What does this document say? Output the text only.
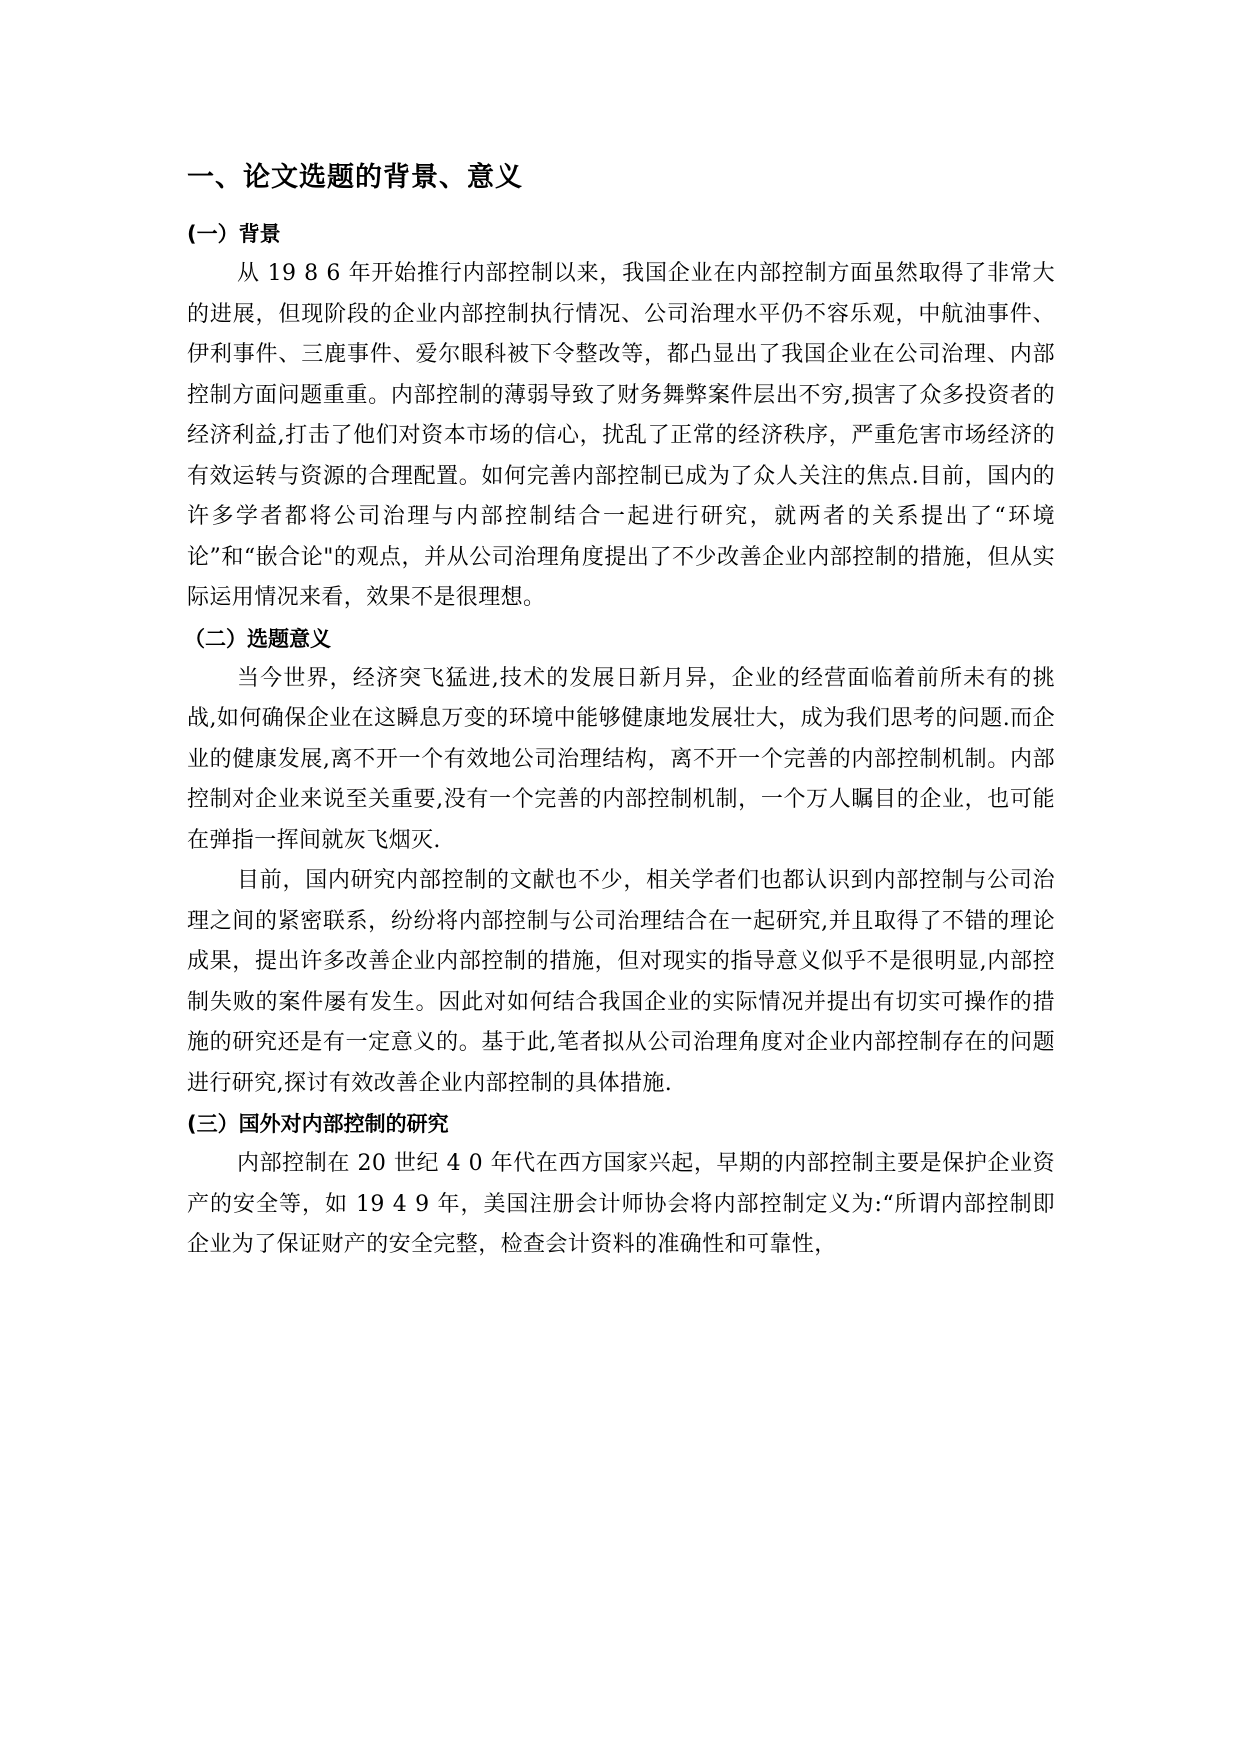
一、论文选题的背景、意义
(一）背景

从 19 8 6 年开始推行内部控制以来，我国企业在内部控制方面虽然取得了非常大的进展，但现阶段的企业内部控制执行情况、公司治理水平仍不容乐观，中航油事件、伊利事件、三鹿事件、爱尔眼科被下令整改等，都凸显出了我国企业在公司治理、内部控制方面问题重重。内部控制的薄弱导致了财务舞弊案件层出不穷,损害了众多投资者的经济利益,打击了他们对资本市场的信心，扰乱了正常的经济秩序，严重危害市场经济的有效运转与资源的合理配置。如何完善内部控制已成为了众人关注的焦点.目前，国内的许多学者都将公司治理与内部控制结合一起进行研究，就两者的关系提出了“环境论”和“嵌合论"的观点，并从公司治理角度提出了不少改善企业内部控制的措施，但从实际运用情况来看，效果不是很理想。

（二）选题意义

当今世界，经济突飞猛进,技术的发展日新月异，企业的经营面临着前所未有的挑战,如何确保企业在这瞬息万变的环境中能够健康地发展壮大，成为我们思考的问题.而企业的健康发展,离不开一个有效地公司治理结构，离不开一个完善的内部控制机制。内部控制对企业来说至关重要,没有一个完善的内部控制机制，一个万人瞩目的企业，也可能在弹指一挥间就灰飞烟灭.

目前，国内研究内部控制的文献也不少，相关学者们也都认识到内部控制与公司治理之间的紧密联系，纷纷将内部控制与公司治理结合在一起研究,并且取得了不错的理论成果，提出许多改善企业内部控制的措施，但对现实的指导意义似乎不是很明显,内部控制失败的案件屡有发生。因此对如何结合我国企业的实际情况并提出有切实可操作的措施的研究还是有一定意义的。基于此,笔者拟从公司治理角度对企业内部控制存在的问题进行研究,探讨有效改善企业内部控制的具体措施.

(三）国外对内部控制的研究

内部控制在 20 世纪 4 0 年代在西方国家兴起，早期的内部控制主要是保护企业资产的安全等，如 19 4 9 年，美国注册会计师协会将内部控制定义为:“所谓内部控制即企业为了保证财产的安全完整，检查会计资料的准确性和可靠性，
